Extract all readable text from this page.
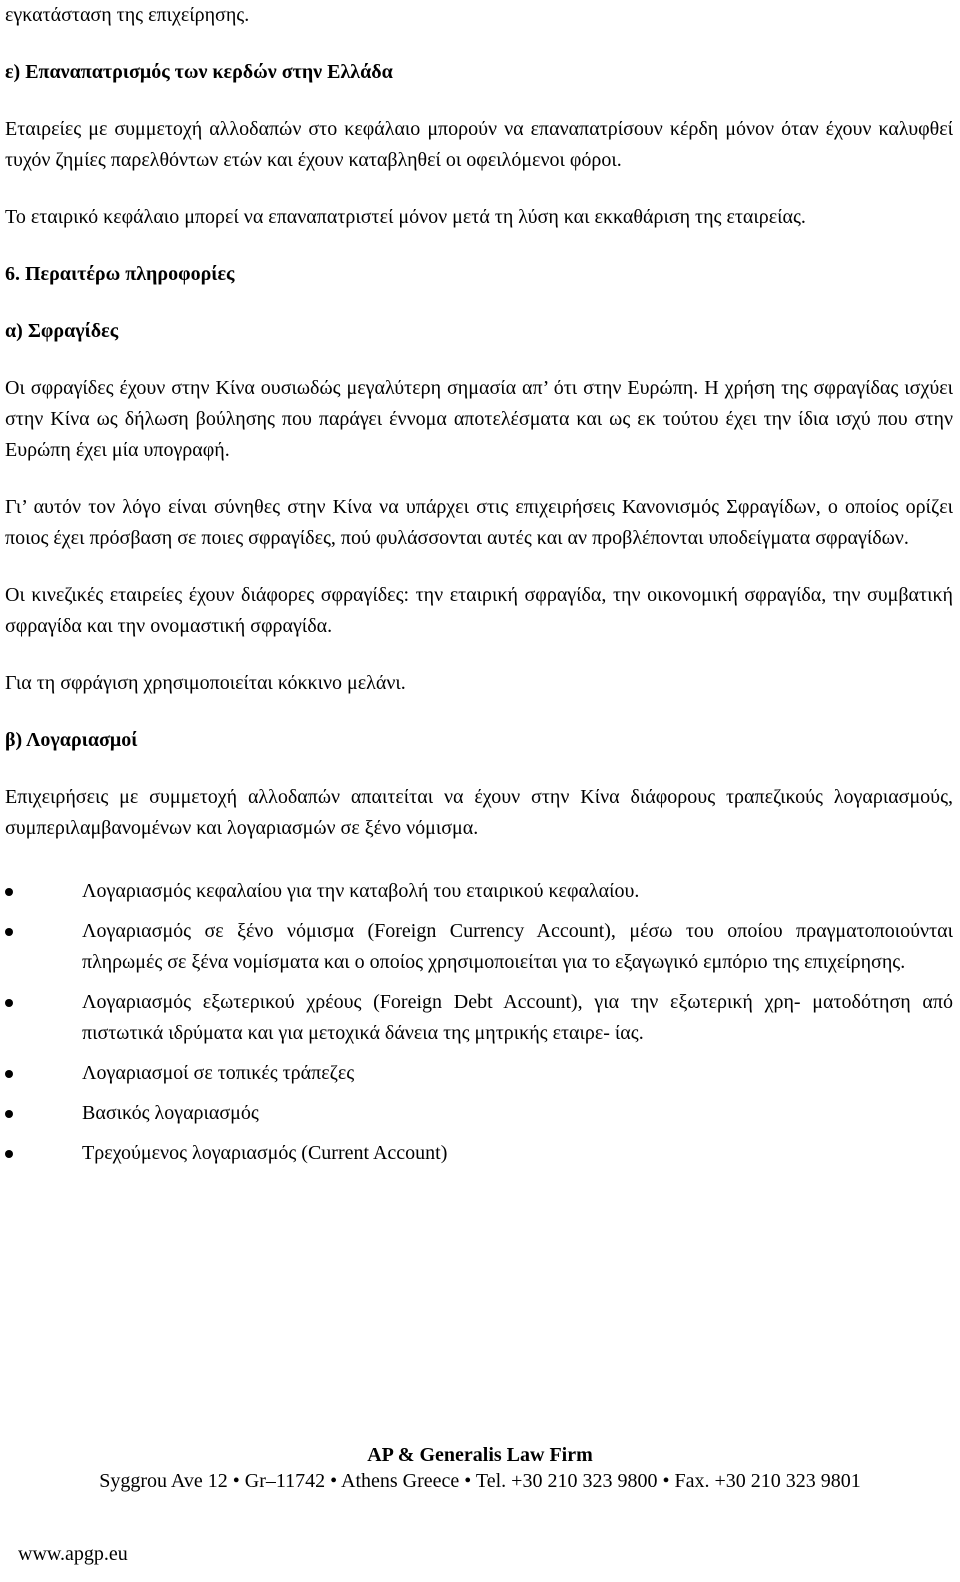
εγκατάσταση της επιχείρησης.

ε) Επαναπατρισμός των κερδών στην Ελλάδα

Εταιρείες με συμμετοχή αλλοδαπών στο κεφάλαιο μπορούν να επαναπατρίσουν κέρδη μόνον όταν έχουν καλυφθεί τυχόν ζημίες παρελθόντων ετών και έχουν καταβληθεί οι οφειλόμενοι φόροι.

Το εταιρικό κεφάλαιο μπορεί να επαναπατριστεί μόνον μετά τη λύση και εκκαθάριση της εταιρείας.

6. Περαιτέρω πληροφορίες

α) Σφραγίδες

Οι σφραγίδες έχουν στην Κίνα ουσιωδώς μεγαλύτερη σημασία απ’ ότι στην Ευρώπη. Η χρήση της σφραγίδας ισχύει στην Κίνα ως δήλωση βούλησης που παράγει έννομα αποτελέσματα και ως εκ τούτου έχει την ίδια ισχύ που στην Ευρώπη έχει μία υπογραφή.

Γι’ αυτόν τον λόγο είναι σύνηθες στην Κίνα να υπάρχει στις επιχειρήσεις Κανονισμός Σφραγίδων, ο οποίος ορίζει ποιος έχει πρόσβαση σε ποιες σφραγίδες, πού φυλάσσονται αυτές και αν προβλέπονται υποδείγματα σφραγίδων.

Οι κινεζικές εταιρείες έχουν διάφορες σφραγίδες: την εταιρική σφραγίδα, την οικονομική σφραγίδα, την συμβατική σφραγίδα και την ονομαστική σφραγίδα.

Για τη σφράγιση χρησιμοποιείται κόκκινο μελάνι.

β) Λογαριασμοί

Επιχειρήσεις με συμμετοχή αλλοδαπών απαιτείται να έχουν στην Κίνα διάφορους τραπεζικούς λογαριασμούς, συμπεριλαμβανομένων και λογαριασμών σε ξένο νόμισμα.

Λογαριασμός κεφαλαίου για την καταβολή του εταιρικού κεφαλαίου.
Λογαριασμός σε ξένο νόμισμα (Foreign Currency Account), μέσω του οποίου πραγματοποιούνται πληρωμές σε ξένα νομίσματα και ο οποίος χρησιμοποιείται για το εξαγωγικό εμπόριο της επιχείρησης.
Λογαριασμός εξωτερικού χρέους (Foreign Debt Account), για την εξωτερική χρη- ματοδότηση από πιστωτικά ιδρύματα και για μετοχικά δάνεια της μητρικής εταιρε- ίας.
Λογαριασμοί σε τοπικές τράπεζες
Βασικός λογαριασμός
Τρεχούμενος λογαριασμός (Current Account)
AP & Generalis Law Firm
Syggrou Ave 12 • Gr–11742 • Athens Greece • Tel. +30 210 323 9800 • Fax. +30 210 323 9801
www.apgp.eu
